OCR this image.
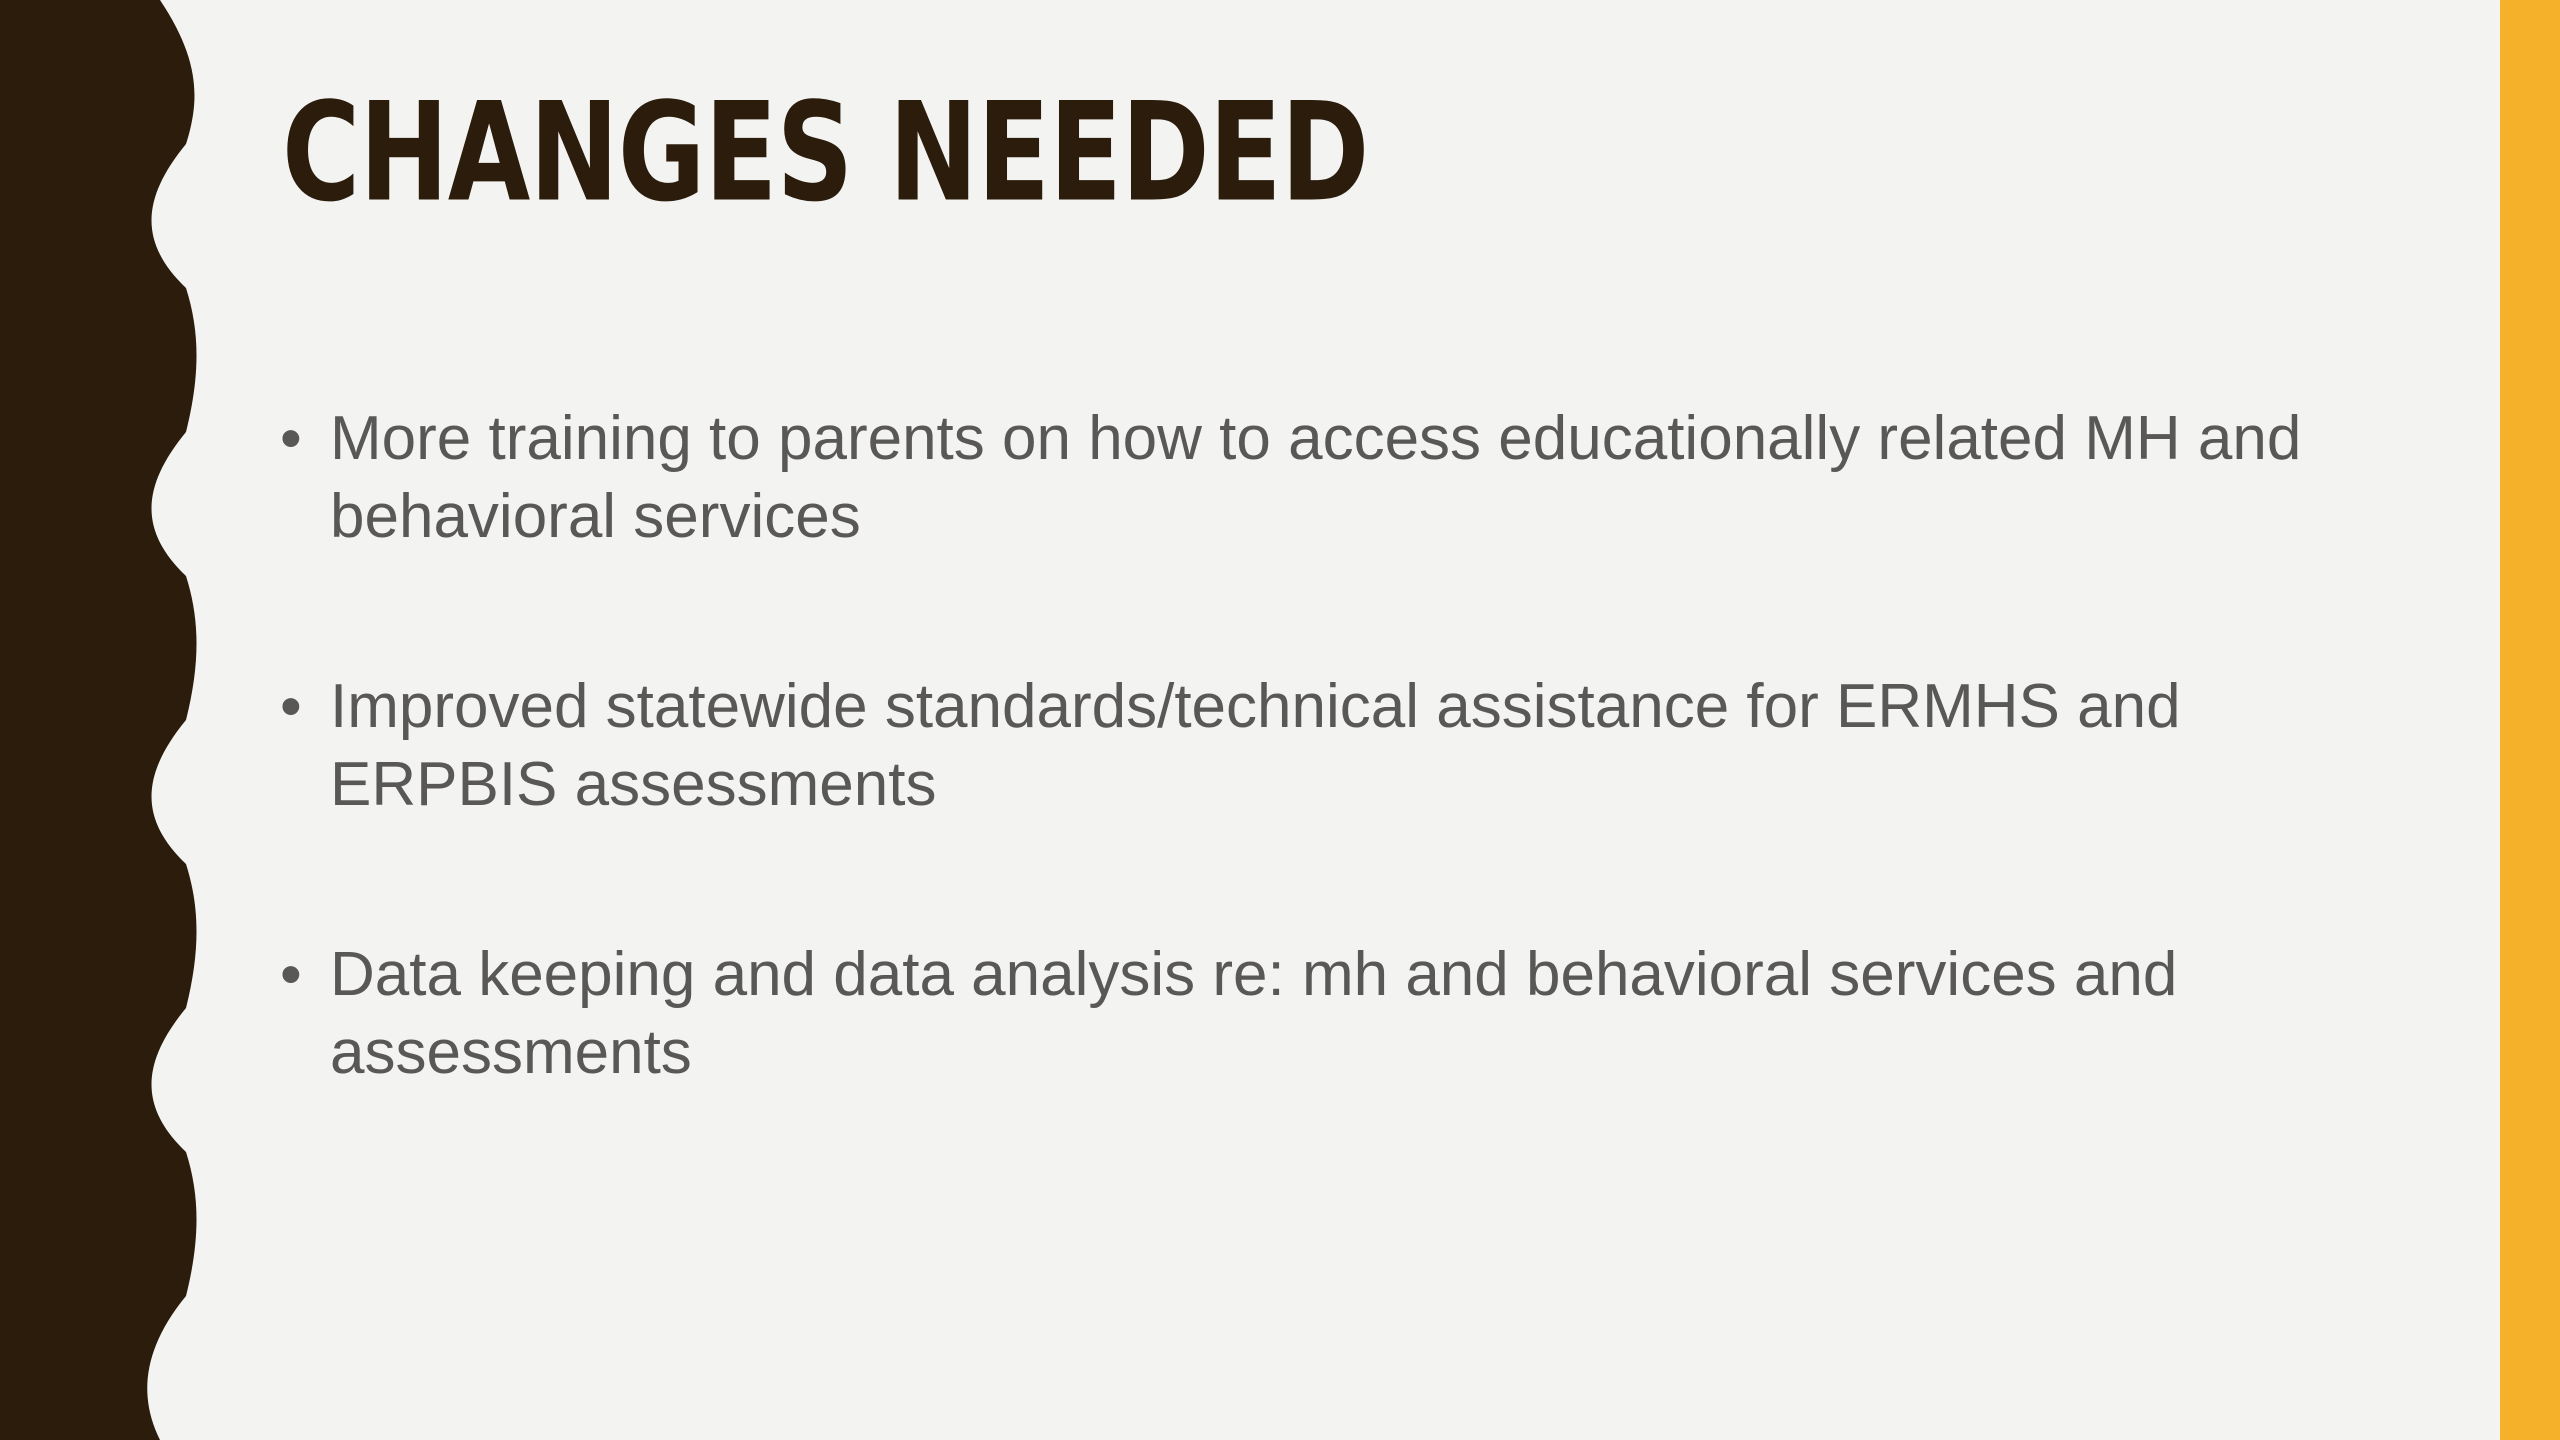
CHANGES NEEDED
• More training to parents on how to access educationally related MH and behavioral services
• Improved statewide standards/technical assistance for ERMHS and ERPBIS assessments
• Data keeping and data analysis re: mh and behavioral services and assessments
